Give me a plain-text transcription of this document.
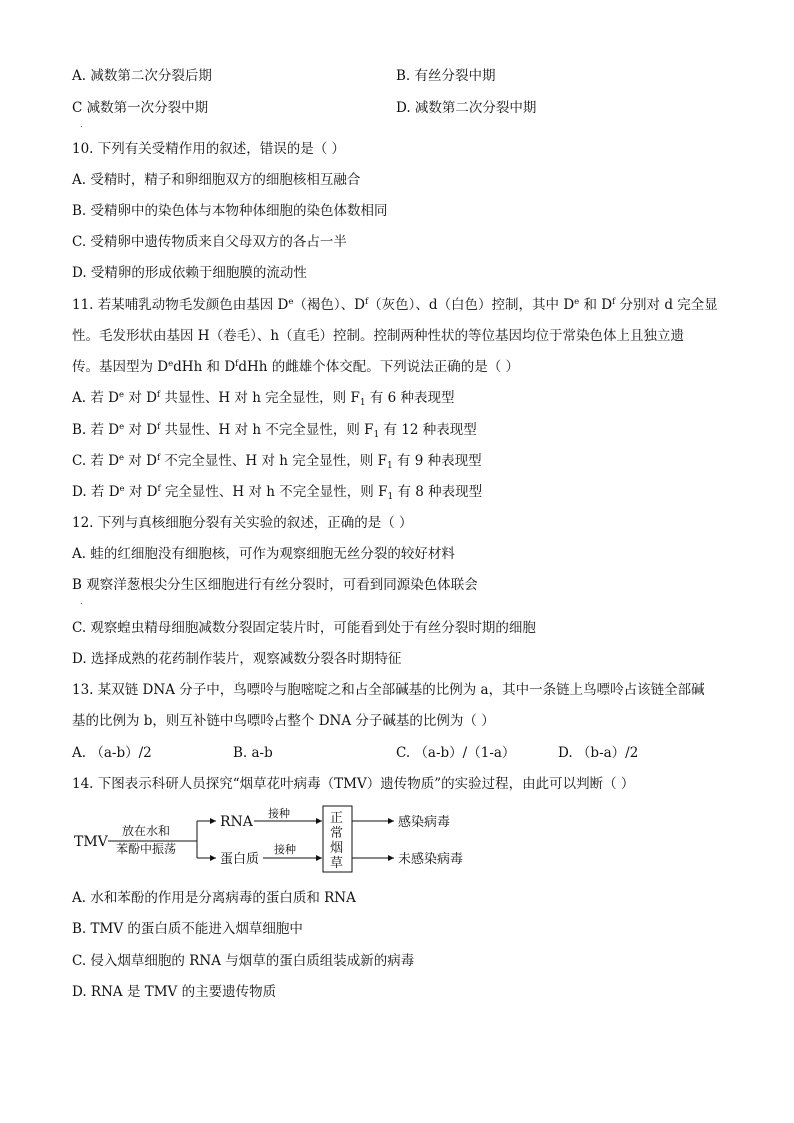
A. 减数第二次分裂后期	B. 有丝分裂中期
C 减数第一次分裂中期	D. 减数第二次分裂中期
.
10. 下列有关受精作用的叙述，错误的是（ ）
A. 受精时，精子和卵细胞双方的细胞核相互融合
B. 受精卵中的染色体与本物种体细胞的染色体数相同
C. 受精卵中遗传物质来自父母双方的各占一半
D. 受精卵的形成依赖于细胞膜的流动性
11. 若某哺乳动物毛发颜色由基因 De（褐色）、$D^f$（灰色）、d（白色）控制，其中 De 和 $D^f$ 分别对 d 完全显
性。毛发形状由基因 H（卷毛）、h（直毛）控制。控制两种性状的等位基因均位于常染色体上且独立遗
传。基因型为 DedHh 和 $D^fdHh$ 的雌雄个体交配。下列说法正确的是（ ）
A. 若 De 对 $D^f$ 共显性、H 对 h 完全显性，则 $F_1$ 有 6 种表现型
B. 若 De 对 $D^f$ 共显性、H 对 h 不完全显性，则 $F_1$ 有 12 种表现型
C. 若 De 对 $D^f$ 不完全显性、H 对 h 完全显性，则 $F_1$ 有 9 种表现型
D. 若 De 对 $D^f$ 完全显性、H 对 h 不完全显性，则 $F_1$ 有 8 种表现型
12. 下列与真核细胞分裂有关实验的叙述，正确的是（ ）
A. 蛙的红细胞没有细胞核，可作为观察细胞无丝分裂的较好材料
B 观察洋葱根尖分生区细胞进行有丝分裂时，可看到同源染色体联会
.
C. 观察蝗虫精母细胞减数分裂固定装片时，可能看到处于有丝分裂时期的细胞
D. 选择成熟的花药制作装片，观察减数分裂各时期特征
13. 某双链 DNA 分子中，鸟嘌呤与胞嘧啶之和占全部碱基的比例为 a，其中一条链上鸟嘌呤占该链全部碱
基的比例为 b，则互补链中鸟嘌呤占整个 DNA 分子碱基的比例为（ ）
A. （a-b）/2	B. a-b	C. （a-b）/（1-a）	D. （b-a）/2
14. 下图表示科研人员探究“烟草花叶病毒（TMV）遗传物质”的实验过程，由此可以判断（ ）
TMV
放在水和
苯酚中振荡
RNA
蛋白质
接种
接种
正
常
烟
草
感染病毒
未感染病毒
A. 水和苯酚的作用是分离病毒的蛋白质和 RNA
B. TMV 的蛋白质不能进入烟草细胞中
C. 侵入烟草细胞的 RNA 与烟草的蛋白质组装成新的病毒
D. RNA 是 TMV 的主要遗传物质
